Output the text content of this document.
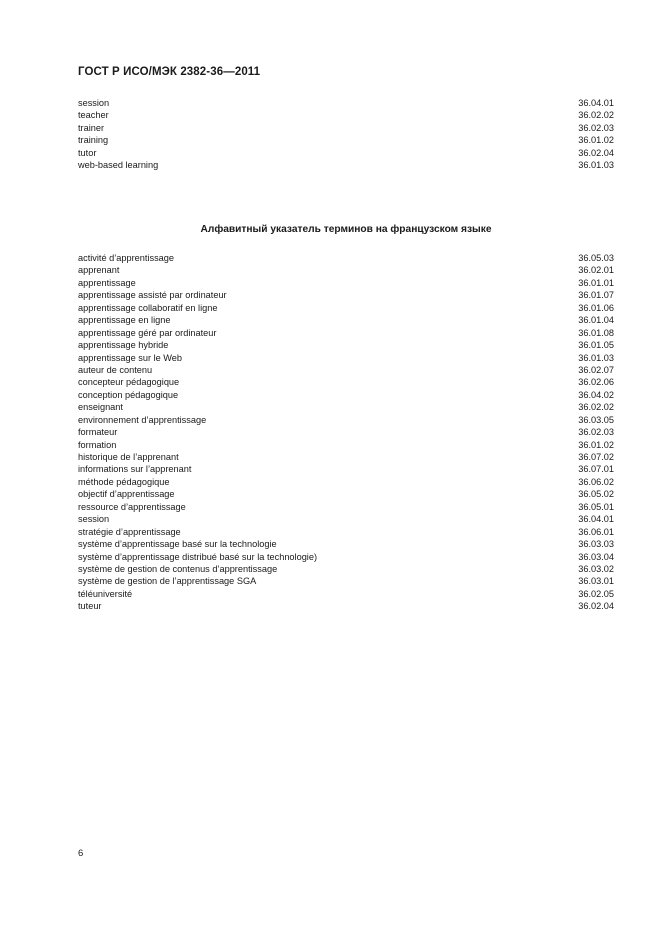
ГОСТ Р ИСО/МЭК 2382-36—2011
session	36.04.01
teacher	36.02.02
trainer	36.02.03
training	36.01.02
tutor	36.02.04
web-based learning	36.01.03
Алфавитный указатель терминов на французском языке
activité d’apprentissage	36.05.03
apprenant	36.02.01
apprentissage	36.01.01
apprentissage assisté par ordinateur	36.01.07
apprentissage collaboratif en ligne	36.01.06
apprentissage en ligne	36.01.04
apprentissage géré par ordinateur	36.01.08
apprentissage hybride	36.01.05
apprentissage sur le Web	36.01.03
auteur de contenu	36.02.07
concepteur pédagogique	36.02.06
conception pédagogique	36.04.02
enseignant	36.02.02
environnement d’apprentissage	36.03.05
formateur	36.02.03
formation	36.01.02
historique de l’apprenant	36.07.02
informations sur l’apprenant	36.07.01
méthode pédagogique	36.06.02
objectif d’apprentissage	36.05.02
ressource d’apprentissage	36.05.01
session	36.04.01
stratégie d’apprentissage	36.06.01
système d’apprentissage basé sur la technologie	36.03.03
système d’apprentissage distribué basé sur la technologie)	36.03.04
système de gestion de contenus d’apprentissage	36.03.02
système de gestion de l’apprentissage SGA	36.03.01
téléuniversité	36.02.05
tuteur	36.02.04
6
